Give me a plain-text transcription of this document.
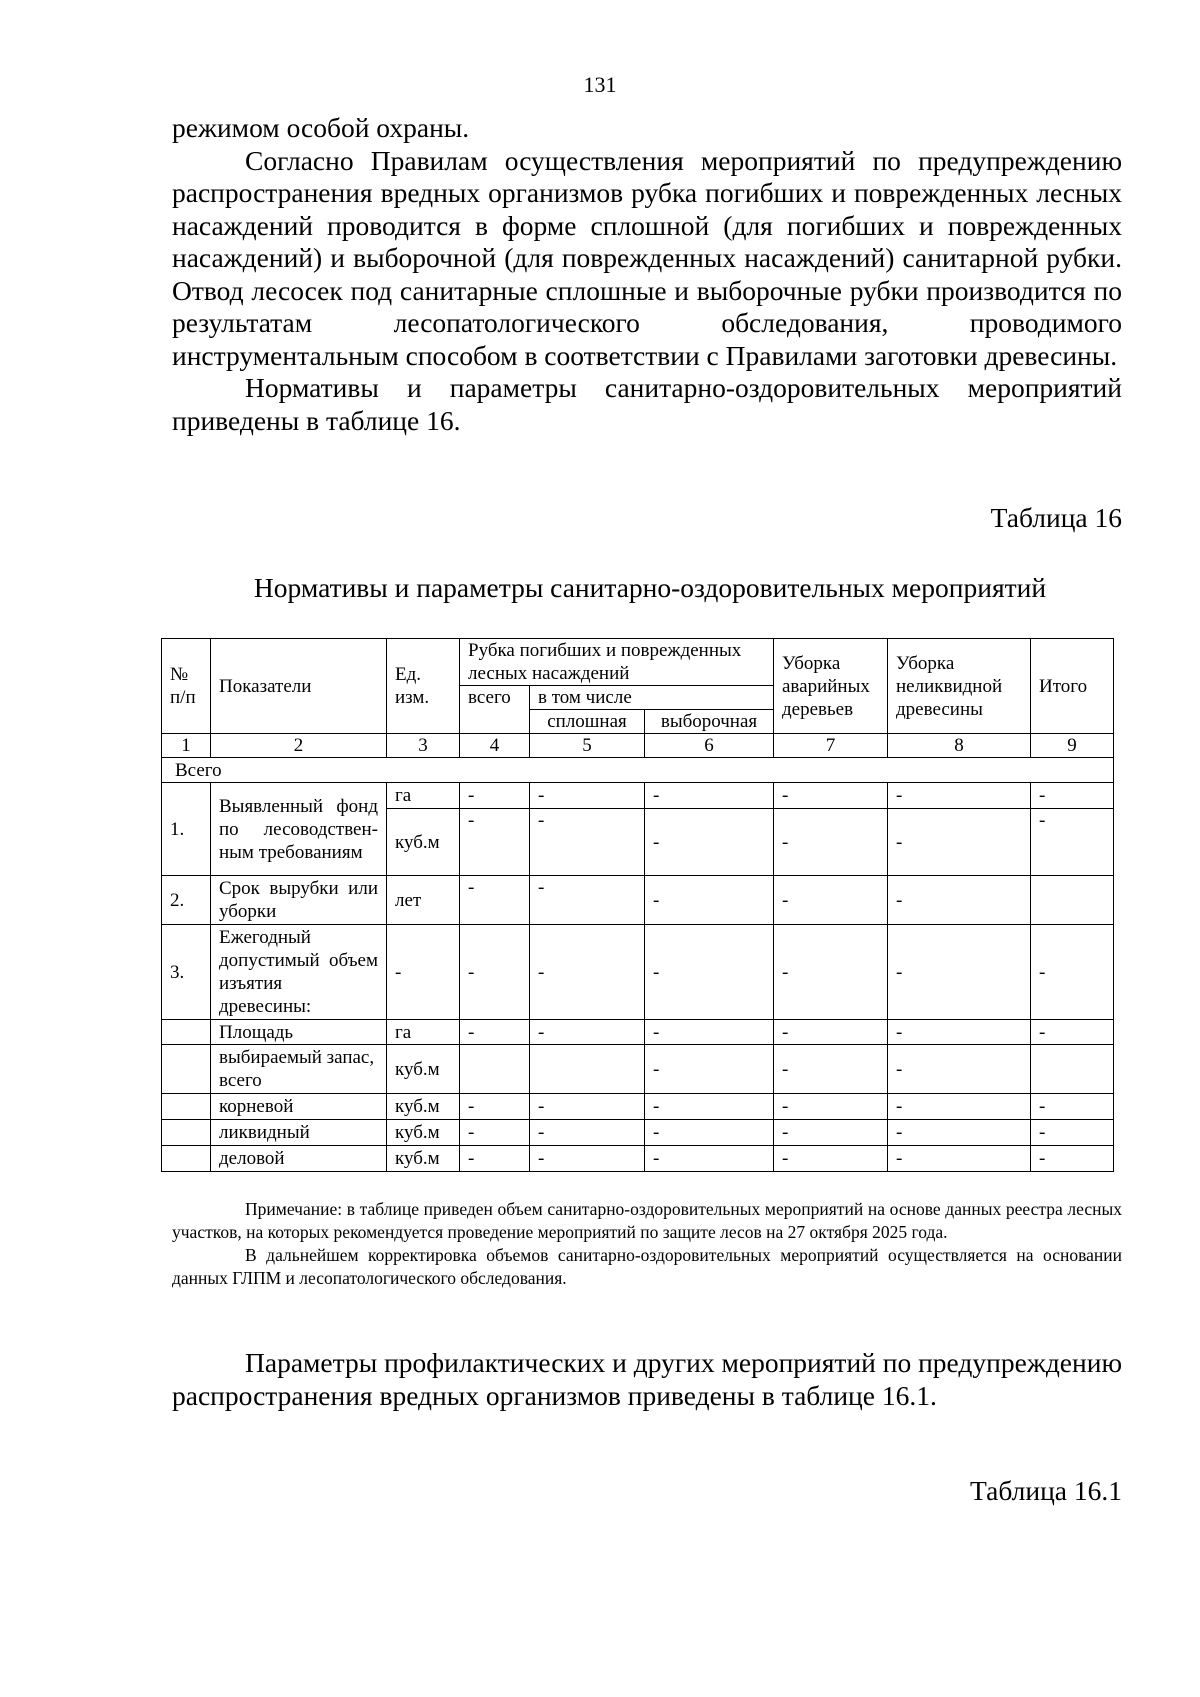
131

режимом особой охраны.

Согласно Правилам осуществления мероприятий по предупреждению распространения вредных организмов рубка погибших и поврежденных лесных насаждений проводится в форме сплошной (для погибших и поврежденных насаждений) и выборочной (для поврежденных насаждений) санитарной рубки. Отвод лесосек под санитарные сплошные и выборочные рубки производится по результатам лесопатологического обследования, проводимого инструментальным способом в соответствии с Правилами заготовки древесины.

Нормативы и параметры санитарно-оздоровительных мероприятий приведены в таблице 16.

Таблица 16
Нормативы и параметры санитарно-оздоровительных мероприятий
№ п/п	Показатели	Ед. изм.	Рубка погибших и поврежденных лесных насаждений			Уборка аварийных деревьев	Уборка неликвидной древесины	Итого
			всего	в том числе				
				сплошная	выборочная			
1	2	3	4	5	6	7	8	9
Всего								
1.	Выявленный фонд по лесоводственным требованиям	га	-	-	-	-	-	-
		куб.м	-	-	-	-	-	-
2.	Срок вырубки или уборки	лет	-	-	-	-	-	
3.	Ежегодный допустимый объем изъятия древесины:	-	-	-	-	-	-	-
	Площадь	га	-	-	-	-	-	-
	выбираемый запас, всего	куб.м			-	-	-	
	корневой	куб.м	-	-	-	-	-	-
	ликвидный	куб.м	-	-	-	-	-	-
	деловой	куб.м	-	-	-	-	-	-

Примечание: в таблице приведен объем санитарно-оздоровительных мероприятий на основе данных реестра лесных участков, на которых рекомендуется проведение мероприятий по защите лесов на 27 октября 2025 года.

В дальнейшем корректировка объемов санитарно-оздоровительных мероприятий осуществляется на основании данных ГЛПМ и лесопатологического обследования.

Параметры профилактических и других мероприятий по предупреждению распространения вредных организмов приведены в таблице 16.1.

Таблица 16.1
